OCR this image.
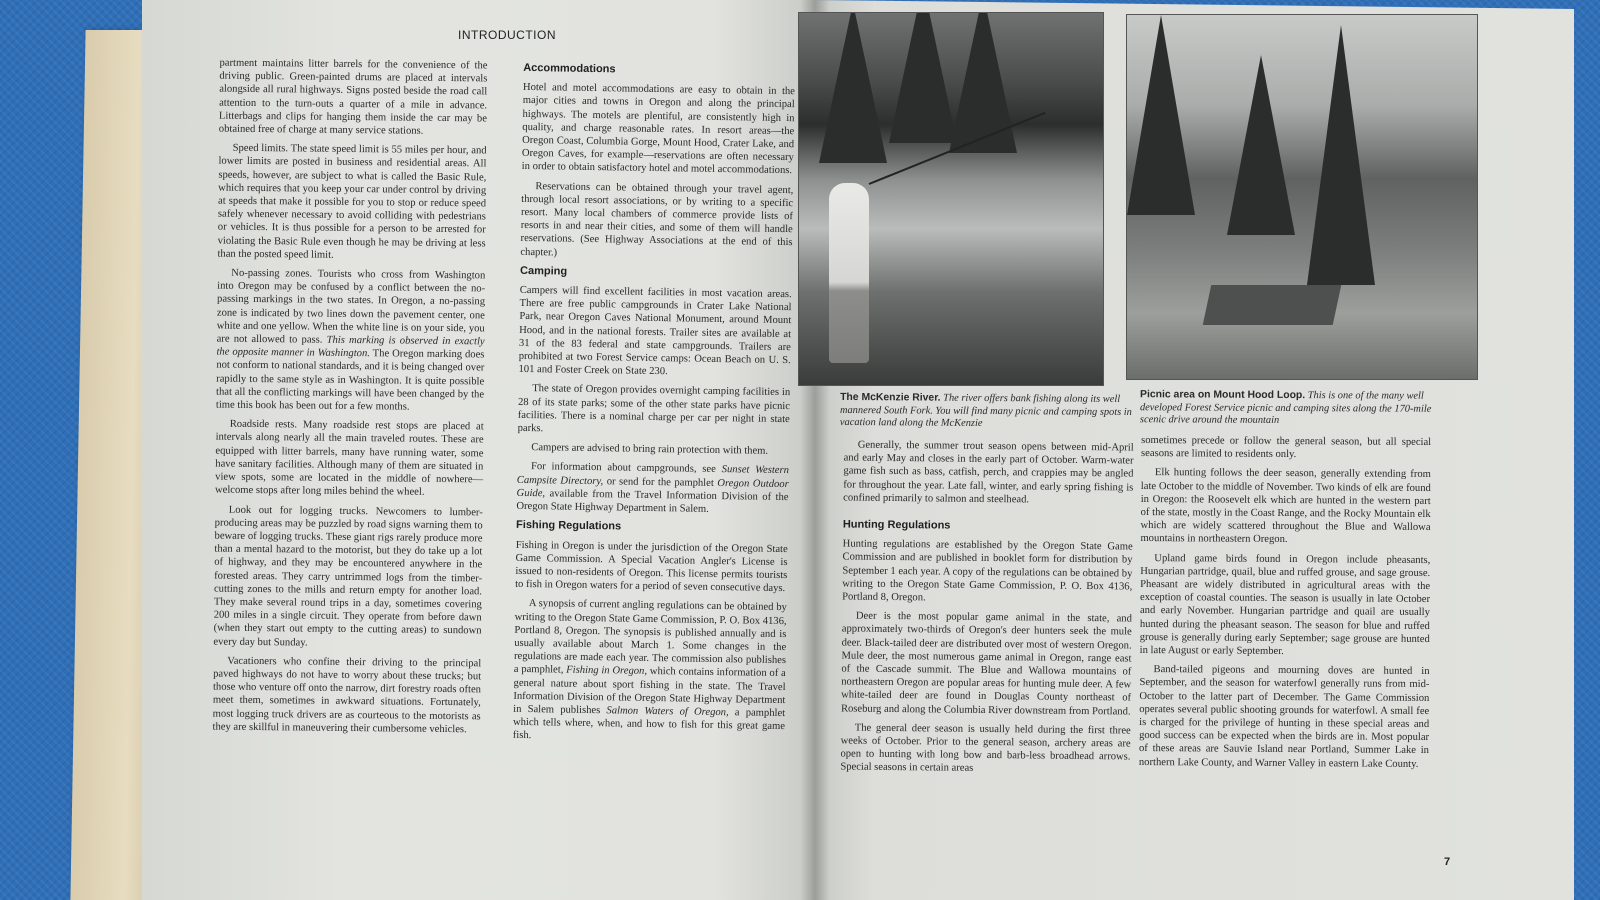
INTRODUCTION

partment maintains litter barrels for the convenience of the driving public. Green-painted drums are placed at intervals alongside all rural highways. Signs posted beside the road call attention to the turn-outs a quarter of a mile in advance. Litterbags and clips for hanging them inside the car may be obtained free of charge at many service stations.

Speed limits. The state speed limit is 55 miles per hour, and lower limits are posted in business and residential areas. All speeds, however, are subject to what is called the Basic Rule, which requires that you keep your car under control by driving at speeds that make it possible for you to stop or reduce speed safely whenever necessary to avoid colliding with pedestrians or vehicles. It is thus possible for a person to be arrested for violating the Basic Rule even though he may be driving at less than the posted speed limit.

No-passing zones. Tourists who cross from Washington into Oregon may be confused by a conflict between the no-passing markings in the two states. In Oregon, a no-passing zone is indicated by two lines down the pavement center, one white and one yellow. When the white line is on your side, you are not allowed to pass. This marking is observed in exactly the opposite manner in Washington. The Oregon marking does not conform to national standards, and it is being changed over rapidly to the same style as in Washington. It is quite possible that all the conflicting markings will have been changed by the time this book has been out for a few months.

Roadside rests. Many roadside rest stops are placed at intervals along nearly all the main traveled routes. These are equipped with litter barrels, many have running water, some have sanitary facilities. Although many of them are situated in view spots, some are located in the middle of nowhere—welcome stops after long miles behind the wheel.

Look out for logging trucks. Newcomers to lumber-producing areas may be puzzled by road signs warning them to beware of logging trucks. These giant rigs rarely produce more than a mental hazard to the motorist, but they do take up a lot of highway, and they may be encountered anywhere in the forested areas. They carry untrimmed logs from the timber-cutting zones to the mills and return empty for another load. They make several round trips in a day, sometimes covering 200 miles in a single circuit. They operate from before dawn (when they start out empty to the cutting areas) to sundown every day but Sunday.

Vacationers who confine their driving to the principal paved highways do not have to worry about these trucks; but those who venture off onto the narrow, dirt forestry roads often meet them, sometimes in awkward situations. Fortunately, most logging truck drivers are as courteous to the motorists as they are skillful in maneuvering their cumbersome vehicles.

Accommodations

Hotel and motel accommodations are easy to obtain in the major cities and towns in Oregon and along the principal highways. The motels are plentiful, are consistently high in quality, and charge reasonable rates. In resort areas—the Oregon Coast, Columbia Gorge, Mount Hood, Crater Lake, and Oregon Caves, for example—reservations are often necessary in order to obtain satisfactory hotel and motel accommodations.

Reservations can be obtained through your travel agent, through local resort associations, or by writing to a specific resort. Many local chambers of commerce provide lists of resorts in and near their cities, and some of them will handle reservations. (See Highway Associations at the end of this chapter.)

Camping

Campers will find excellent facilities in most vacation areas. There are free public campgrounds in Crater Lake National Park, near Oregon Caves National Monument, around Mount Hood, and in the national forests. Trailer sites are available at 31 of the 83 federal and state campgrounds. Trailers are prohibited at two Forest Service camps: Ocean Beach on U. S. 101 and Foster Creek on State 230.

The state of Oregon provides overnight camping facilities in 28 of its state parks; some of the other state parks have picnic facilities. There is a nominal charge per car per night in state parks.

Campers are advised to bring rain protection with them.

For information about campgrounds, see Sunset Western Campsite Directory, or send for the pamphlet Oregon Outdoor Guide, available from the Travel Information Division of the Oregon State Highway Department in Salem.

Fishing Regulations

Fishing in Oregon is under the jurisdiction of the Oregon State Game Commission. A Special Vacation Angler's License is issued to non-residents of Oregon. This license permits tourists to fish in Oregon waters for a period of seven consecutive days.

A synopsis of current angling regulations can be obtained by writing to the Oregon State Game Commission, P. O. Box 4136, Portland 8, Oregon. The synopsis is published annually and is usually available about March 1. Some changes in the regulations are made each year. The commission also publishes a pamphlet, Fishing in Oregon, which contains information of a general nature about sport fishing in the state. The Travel Information Division of the Oregon State Highway Department in Salem publishes Salmon Waters of Oregon, a pamphlet which tells where, when, and how to fish for this great game fish.

The McKenzie River. The river offers bank fishing along its well mannered South Fork. You will find many picnic and camping spots in vacation land along the McKenzie
Picnic area on Mount Hood Loop. This is one of the many well developed Forest Service picnic and camping sites along the 170-mile scenic drive around the mountain

Generally, the summer trout season opens between mid-April and early May and closes in the early part of October. Warm-water game fish such as bass, catfish, perch, and crappies may be angled for throughout the year. Late fall, winter, and early spring fishing is confined primarily to salmon and steelhead.

Hunting Regulations

Hunting regulations are established by the Oregon State Game Commission and are published in booklet form for distribution by September 1 each year. A copy of the regulations can be obtained by writing to the Oregon State Game Commission, P. O. Box 4136, Portland 8, Oregon.

Deer is the most popular game animal in the state, and approximately two-thirds of Oregon's deer hunters seek the mule deer. Black-tailed deer are distributed over most of western Oregon. Mule deer, the most numerous game animal in Oregon, range east of the Cascade summit. The Blue and Wallowa mountains of northeastern Oregon are popular areas for hunting mule deer. A few white-tailed deer are found in Douglas County northeast of Roseburg and along the Columbia River downstream from Portland.

The general deer season is usually held during the first three weeks of October. Prior to the general season, archery areas are open to hunting with long bow and barb-less broadhead arrows. Special seasons in certain areas

sometimes precede or follow the general season, but all special seasons are limited to residents only.

Elk hunting follows the deer season, generally extending from late October to the middle of November. Two kinds of elk are found in Oregon: the Roosevelt elk which are hunted in the western part of the state, mostly in the Coast Range, and the Rocky Mountain elk which are widely scattered throughout the Blue and Wallowa mountains in northeastern Oregon.

Upland game birds found in Oregon include pheasants, Hungarian partridge, quail, blue and ruffed grouse, and sage grouse. Pheasant are widely distributed in agricultural areas with the exception of coastal counties. The season is usually in late October and early November. Hungarian partridge and quail are usually hunted during the pheasant season. The season for blue and ruffed grouse is generally during early September; sage grouse are hunted in late August or early September.

Band-tailed pigeons and mourning doves are hunted in September, and the season for waterfowl generally runs from mid-October to the latter part of December. The Game Commission operates several public shooting grounds for waterfowl. A small fee is charged for the privilege of hunting in these special areas and good success can be expected when the birds are in. Most popular of these areas are Sauvie Island near Portland, Summer Lake in northern Lake County, and Warner Valley in eastern Lake County.

7
